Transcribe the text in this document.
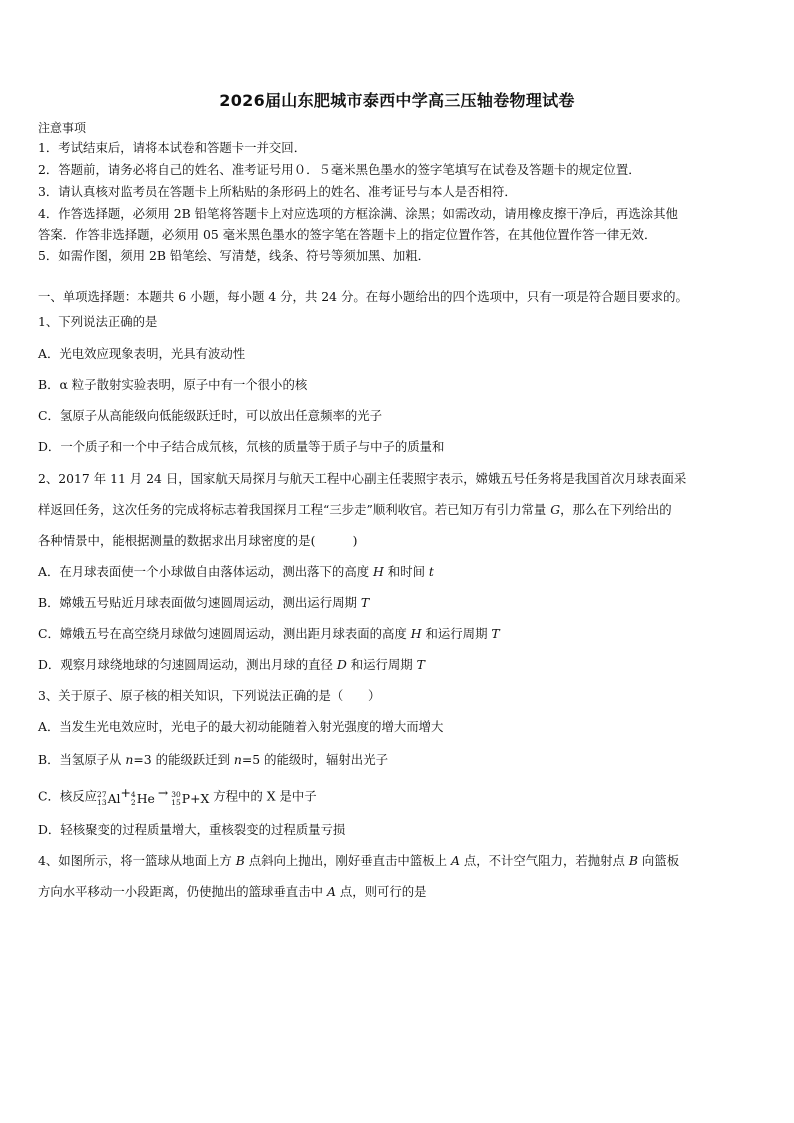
2026届山东肥城市泰西中学高三压轴卷物理试卷
注意事项
1．考试结束后，请将本试卷和答题卡一并交回．
2．答题前，请务必将自己的姓名、准考证号用０．５毫米黑色墨水的签字笔填写在试卷及答题卡的规定位置．
3．请认真核对监考员在答题卡上所粘贴的条形码上的姓名、准考证号与本人是否相符．
4．作答选择题，必须用 2B 铅笔将答题卡上对应选项的方框涂满、涂黑；如需改动，请用橡皮擦干净后，再选涂其他
答案．作答非选择题，必须用 05 毫米黑色墨水的签字笔在答题卡上的指定位置作答，在其他位置作答一律无效．
5．如需作图，须用 2B 铅笔绘、写清楚，线条、符号等须加黑、加粗．
一、单项选择题：本题共 6 小题，每小题 4 分，共 24 分。在每小题给出的四个选项中，只有一项是符合题目要求的。
1、下列说法正确的是
A．光电效应现象表明，光具有波动性
B．α 粒子散射实验表明，原子中有一个很小的核
C．氢原子从高能级向低能级跃迁时，可以放出任意频率的光子
D．一个质子和一个中子结合成氘核，氘核的质量等于质子与中子的质量和
2、2017 年 11 月 24 日，国家航天局探月与航天工程中心副主任裴照宇表示，嫦娥五号任务将是我国首次月球表面采
样返回任务，这次任务的完成将标志着我国探月工程“三步走”顺利收官。若已知万有引力常量 G，那么在下列给出的
各种情景中，能根据测量的数据求出月球密度的是(　　　)
A．在月球表面使一个小球做自由落体运动，测出落下的高度 H 和时间 t
B．嫦娥五号贴近月球表面做匀速圆周运动，测出运行周期 T
C．嫦娥五号在高空绕月球做匀速圆周运动，测出距月球表面的高度 H 和运行周期 T
D．观察月球绕地球的匀速圆周运动，测出月球的直径 D 和运行周期 T
3、关于原子、原子核的相关知识，下列说法正确的是（　　）
A．当发生光电效应时，光电子的最大初动能随着入射光强度的增大而增大
B．当氢原子从 n=3 的能级跃迁到 n=5 的能级时，辐射出光子
C．核反应 27
13 Al + 4
2 He → 30
15 P+X 方程中的 X 是中子
D．轻核聚变的过程质量增大，重核裂变的过程质量亏损
4、如图所示，将一篮球从地面上方 B 点斜向上抛出，刚好垂直击中篮板上 A 点，不计空气阻力，若抛射点 B 向篮板
方向水平移动一小段距离，仍使抛出的篮球垂直击中 A 点，则可行的是
